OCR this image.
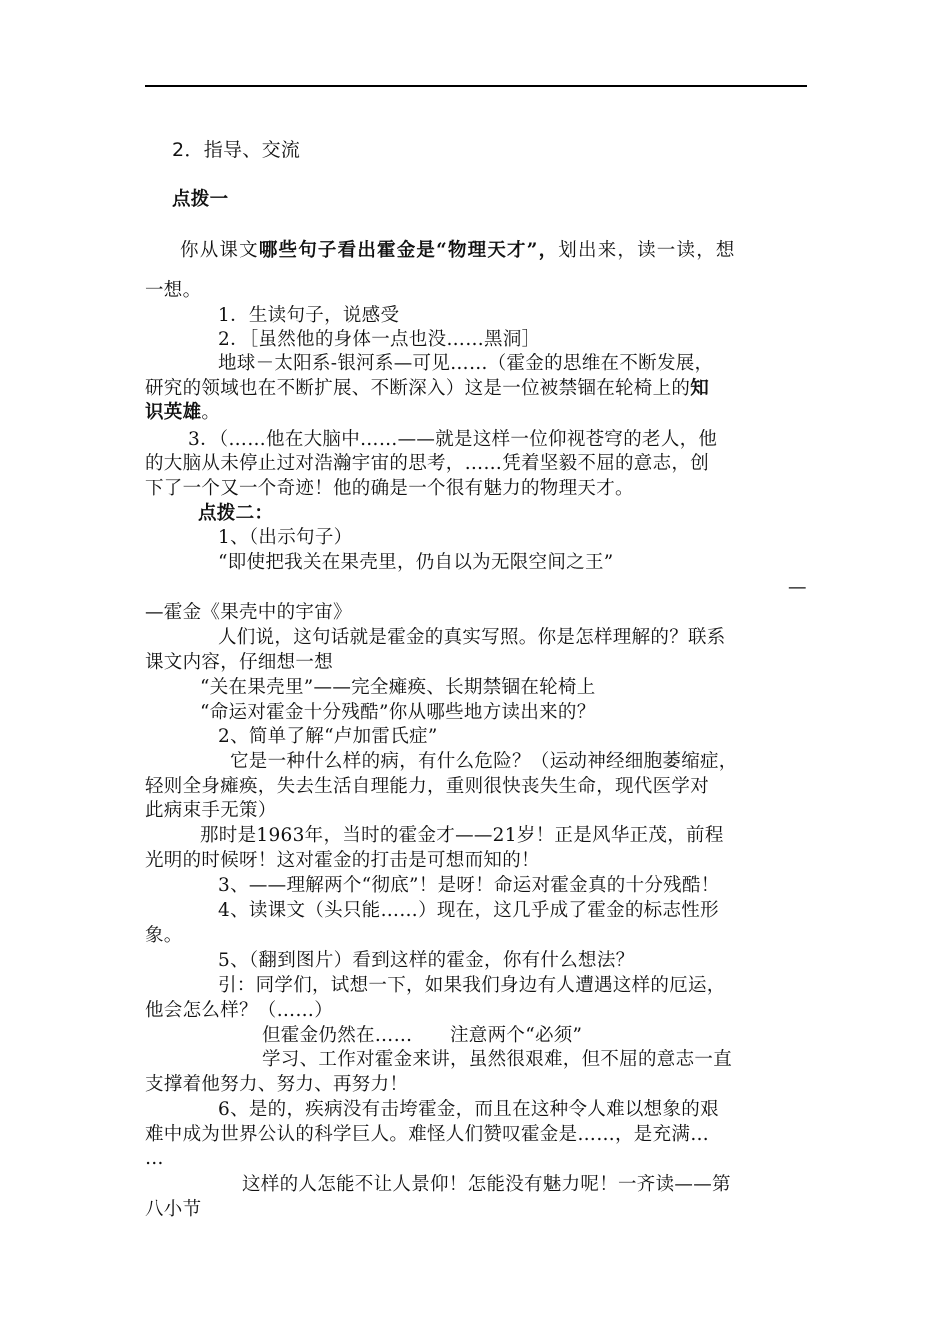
2．指导、交流
点拨一
你从课文哪些句子看出霍金是“物理天才”，划出来，读一读，想
一想。
1．生读句子，说感受
2．［虽然他的身体一点也没……黑洞］
地球－太阳系-银河系—可见……（霍金的思维在不断发展，
研究的领域也在不断扩展、不断深入）这是一位被禁锢在轮椅上的知
识英雄。
3．（……他在大脑中……——就是这样一位仰视苍穹的老人，他
的大脑从未停止过对浩瀚宇宙的思考，……凭着坚毅不屈的意志，创
下了一个又一个奇迹！他的确是一个很有魅力的物理天才。
点拨二：
1、（出示句子）
“即使把我关在果壳里，仍自以为无限空间之王”
—
—霍金《果壳中的宇宙》
人们说，这句话就是霍金的真实写照。你是怎样理解的？联系
课文内容，仔细想一想
“关在果壳里”——完全瘫痪、长期禁锢在轮椅上
“命运对霍金十分残酷”你从哪些地方读出来的？
2、简单了解“卢加雷氏症”
它是一种什么样的病，有什么危险？（运动神经细胞萎缩症，
轻则全身瘫痪，失去生活自理能力，重则很快丧失生命，现代医学对
此病束手无策）
那时是1963年，当时的霍金才——21岁！正是风华正茂，前程
光明的时候呀！这对霍金的打击是可想而知的！
3、——理解两个“彻底”！是呀！命运对霍金真的十分残酷！
4、读课文（头只能……）现在，这几乎成了霍金的标志性形
象。
5、（翻到图片）看到这样的霍金，你有什么想法？
引：同学们，试想一下，如果我们身边有人遭遇这样的厄运，
他会怎么样？（……）
但霍金仍然在……　　注意两个“必须”
学习、工作对霍金来讲，虽然很艰难，但不屈的意志一直
支撑着他努力、努力、再努力！
6、是的，疾病没有击垮霍金，而且在这种令人难以想象的艰
难中成为世界公认的科学巨人。难怪人们赞叹霍金是……，是充满…
…
这样的人怎能不让人景仰！怎能没有魅力呢！一齐读——第
八小节
